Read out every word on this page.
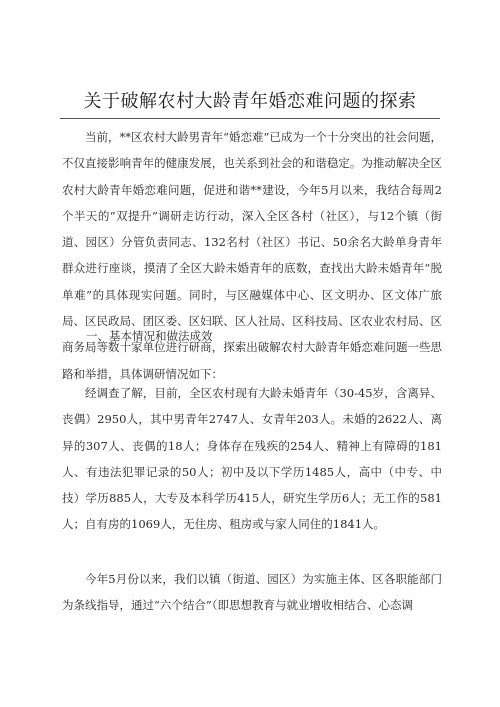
关于破解农村大龄青年婚恋难问题的探索

当前，**区农村大龄男青年“婚恋难”已成为一个十分突出的社会问题，不仅直接影响青年的健康发展，也关系到社会的和谐稳定。为推动解决全区农村大龄青年婚恋难问题，促进和谐**建设，今年5月以来，我结合每周2个半天的“双提升”调研走访行动，深入全区各村（社区），与12个镇（街道、园区）分管负责同志、132名村（社区）书记、50余名大龄单身青年群众进行座谈，摸清了全区大龄未婚青年的底数，查找出大龄未婚青年“脱单难”的具体现实问题。同时，与区融媒体中心、区文明办、区文体广旅局、区民政局、团区委、区妇联、区人社局、区科技局、区农业农村局、区商务局等数十家单位进行研商，探索出破解农村大龄青年婚恋难问题一些思路和举措，具体调研情况如下：

一、基本情况和做法成效

经调查了解，目前，全区农村现有大龄未婚青年（30-45岁，含离异、丧偶）2950人，其中男青年2747人、女青年203人。未婚的2622人、离异的307人、丧偶的18人；身体存在残疾的254人、精神上有障碍的181人、有违法犯罪记录的50人；初中及以下学历1485人，高中（中专、中技）学历885人，大专及本科学历415人，研究生学历6人；无工作的581人；自有房的1069人，无住房、租房或与家人同住的1841人。

今年5月份以来，我们以镇（街道、园区）为实施主体、区各职能部门为条线指导，通过“六个结合”（即思想教育与就业增收相结合、心态调
